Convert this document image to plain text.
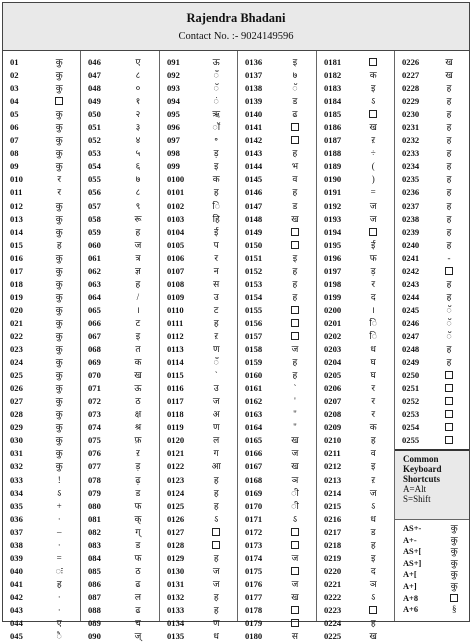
Rajendra Bhadani
Contact No. :- 9024149596
01	कु
02	कु
03	कु
04
05	कु
06	कु
07	कु
08	कु
09	कु
010	र
011	र
012	कु
013	कु
014	कु
015	ह
016	कु
017	कु
018	कु
019	कु
020	कु
021	कु
022	कु
023	कु
024	कु
025	कु
026	कु
027	कु
028	कु
029	कु
030	कु
031	कु
032	कु
033	!
034	ऽ
035	+
036	·
037	–
038	·
039	=
040	ः
041	ह
042	·
043	·
044	ए
045	ै
046	ए
047	८
048	०
049	१
050	२
051	३
052	४
053	५
054	६
055	७
056	८
057	९
058	रू
059	ह
060	ज
061	त्र
062	ज्ञ
063	ह
064	/
065	।
066	ट
067	इ
068	त
069	क
070	ख
071	ऊ
072	ठ
073	क्ष
074	श्र
075	फ़
076	ऱ
077	ड़
078	ढ़
079	ड
080	फ
081	क्
082	ग्
083	ड
084	फ
085	ठ
086	ढ
087	ल
088	ढ
089	च
090	ज्
091	ऊ
092	ँ
093	ॅ
094	ं
095	ऋ
096	ॉ
097	॰
098	ड़
099	इ
0100	क
0101	ह
0102	ि
0103	हि
0104	ई
0105	प
0106	र
0107	न
0108	स
0109	उ
0110	ट
0111	ह
0112	ऱ
0113	ण
0114	ँ
0115	`
0116	उ
0117	ज
0118	अ
0119	ण
0120	ल
0121	ग
0122	आ
0123	ह
0124	ह
0125	ह
0126	ऽ
0127
0128
0129	ह
0130	ज
0131	ज
0132	ह
0133	ह
0134	ण
0135	ध
0136	इ
0137	७
0138	ॅ
0139	ड
0140	ढ
0141
0142
0143	ह
0144	भ
0145	व
0146	ह
0147	ड
0148	ख
0149
0150
0151	इ
0152	ह
0153	ह
0154	ह
0155
0156
0157
0158	ज
0159	ह
0160	ह
0161	`
0162	'
0163	"
0164	"
0165	ख
0166	ज
0167	ख
0168	ञ
0169	ी
0170	ी
0171	ऽ
0172
0173
0174	ज
0175
0176	ज
0177	ख
0178
0179
0180	स
0181
0182	क
0183	इ
0184	ऽ
0185
0186	ख
0187	ऱ
0188	÷
0189	(
0190	)
0191	=
0192	ज
0193	ज
0194
0195	ई
0196	फ
0197	ड़
0198	र
0199	द
0200	।
0201	ि
0202	ि
0203	ध
0204	घ
0205	घ
0206	र
0207	र
0208	र
0209	क
0210	ह
0211	व
0212	इ
0213	ऱ
0214	ज
0215	ऽ
0216	ध
0217	ड
0218	ह
0219	इ
0220	द
0221	ञ
0222	ऽ
0223
0224	ह
0225	ख
0226	ख
0227	ख
0228	ह
0229	ह
0230	ह
0231	ह
0232	ह
0233	ह
0234	ह
0235	ह
0236	ह
0237	ह
0238	ह
0239	ह
0240	ह
0241	-
0242
0243	ह
0244	ह
0245	ॅ
0246	ॅ
0247	ॅ
0248	ह
0249	ह
0250
0251
0252
0253
0254
0255
Common
Keyboard
Shortcuts
A=Alt
S=Shift
AS+-	कु
A+-	कु
AS+[	कु
AS+]	कु
A+[	कु
A+]	कु
A+8
A+6	§
